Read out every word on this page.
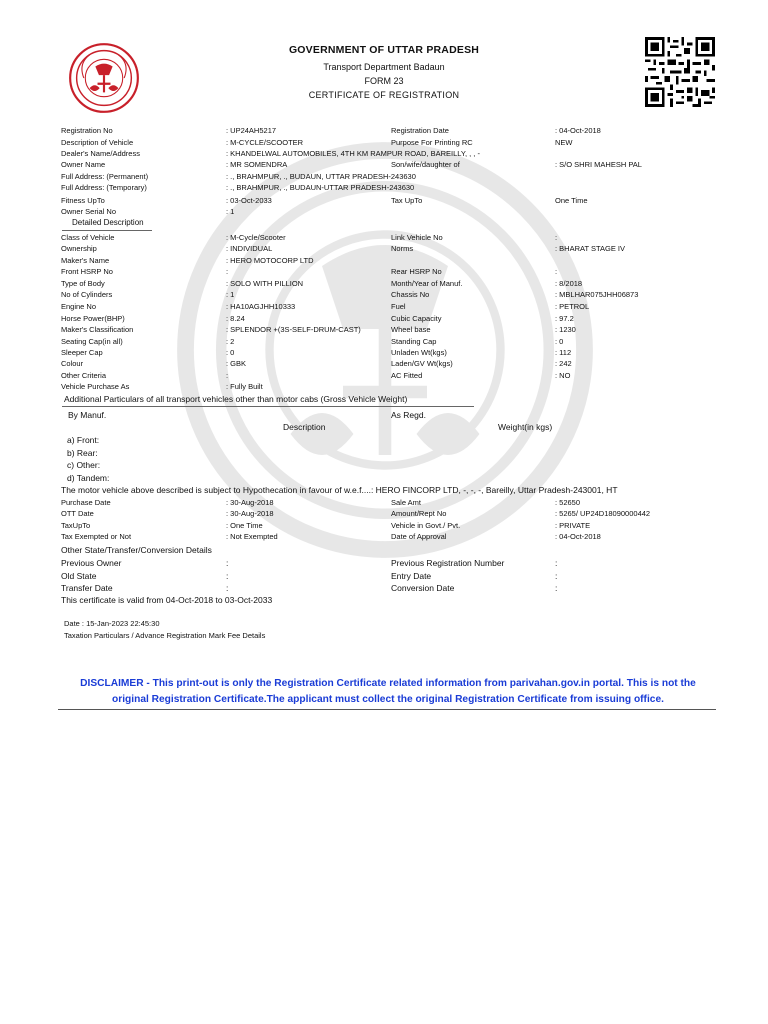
GOVERNMENT OF UTTAR PRADESH
Transport Department Badaun
FORM 23
CERTIFICATE OF REGISTRATION
Registration No	: UP24AH5217	Registration Date	: 04-Oct-2018
Description of Vehicle	: M-CYCLE/SCOOTER	Purpose For Printing RC	NEW
Dealer's Name/Address	: KHANDELWAL AUTOMOBILES, 4TH KM RAMPUR ROAD, BAREILLY, , , -
Owner Name	: MR SOMENDRA	Son/wife/daughter of	: S/O SHRI MAHESH PAL
Full Address: (Permanent)	: ., BRAHMPUR, ., BUDAUN, UTTAR PRADESH-243630
Full Address: (Temporary)	: ., BRAHMPUR, ., BUDAUN-UTTAR PRADESH-243630
Fitness UpTo	: 03-Oct-2033	Tax UpTo	One Time
Owner Serial No	: 1
Detailed Description
Class of Vehicle	: M-Cycle/Scooter	Link Vehicle No	:
Ownership	: INDIVIDUAL	Norms	: BHARAT STAGE IV
Maker's Name	: HERO MOTOCORP LTD
Front HSRP No	:	Rear HSRP No	:
Type of Body	: SOLO WITH PILLION	Month/Year of Manuf.	: 8/2018
No of Cylinders	: 1	Chassis No	: MBLHAR075JHH06873
Engine No	: HA10AGJHH10333	Fuel	: PETROL
Horse Power(BHP)	: 8.24	Cubic Capacity	: 97.2
Maker's Classification	: SPLENDOR +(3S-SELF-DRUM-CAST)	Wheel base	: 1230
Seating Cap(in all)	: 2	Standing Cap	: 0
Sleeper Cap	: 0	Unladen Wt(kgs)	: 112
Colour	: GBK	Laden/GV Wt(kgs)	: 242
Other Criteria	:	AC Fitted	: NO
Vehicle Purchase As	: Fully Built
Additional Particulars of all transport vehicles other than motor cabs (Gross Vehicle Weight)
By Manuf.	As Regd.
Description	Weight(in kgs)
a) Front:
b) Rear:
c) Other:
d) Tandem:
The motor vehicle above described is subject to Hypothecation in favour of w.e.f....: HERO FINCORP LTD, -, -, -, Bareilly, Uttar Pradesh-243001, HT
Purchase Date	: 30-Aug-2018	Sale Amt	: 52650
OTT Date	: 30-Aug-2018	Amount/Rept No	: 5265/ UP24D18090000442
TaxUpTo	: One Time	Vehicle in Govt./ Pvt.	: PRIVATE
Tax Exempted or Not	: Not Exempted	Date of Approval	: 04-Oct-2018
Other State/Transfer/Conversion Details
Previous Owner	:	Previous Registration Number	:
Old State	:	Entry Date	:
Transfer Date	:	Conversion Date	:
This certificate is valid from 04-Oct-2018 to 03-Oct-2033
Date : 15-Jan-2023 22:45:30
Taxation Particulars / Advance Registration Mark Fee Details
DISCLAIMER - This print-out is only the Registration Certificate related information from parivahan.gov.in portal. This is not the
original Registration Certificate.The applicant must collect the original Registration Certificate from issuing office.
